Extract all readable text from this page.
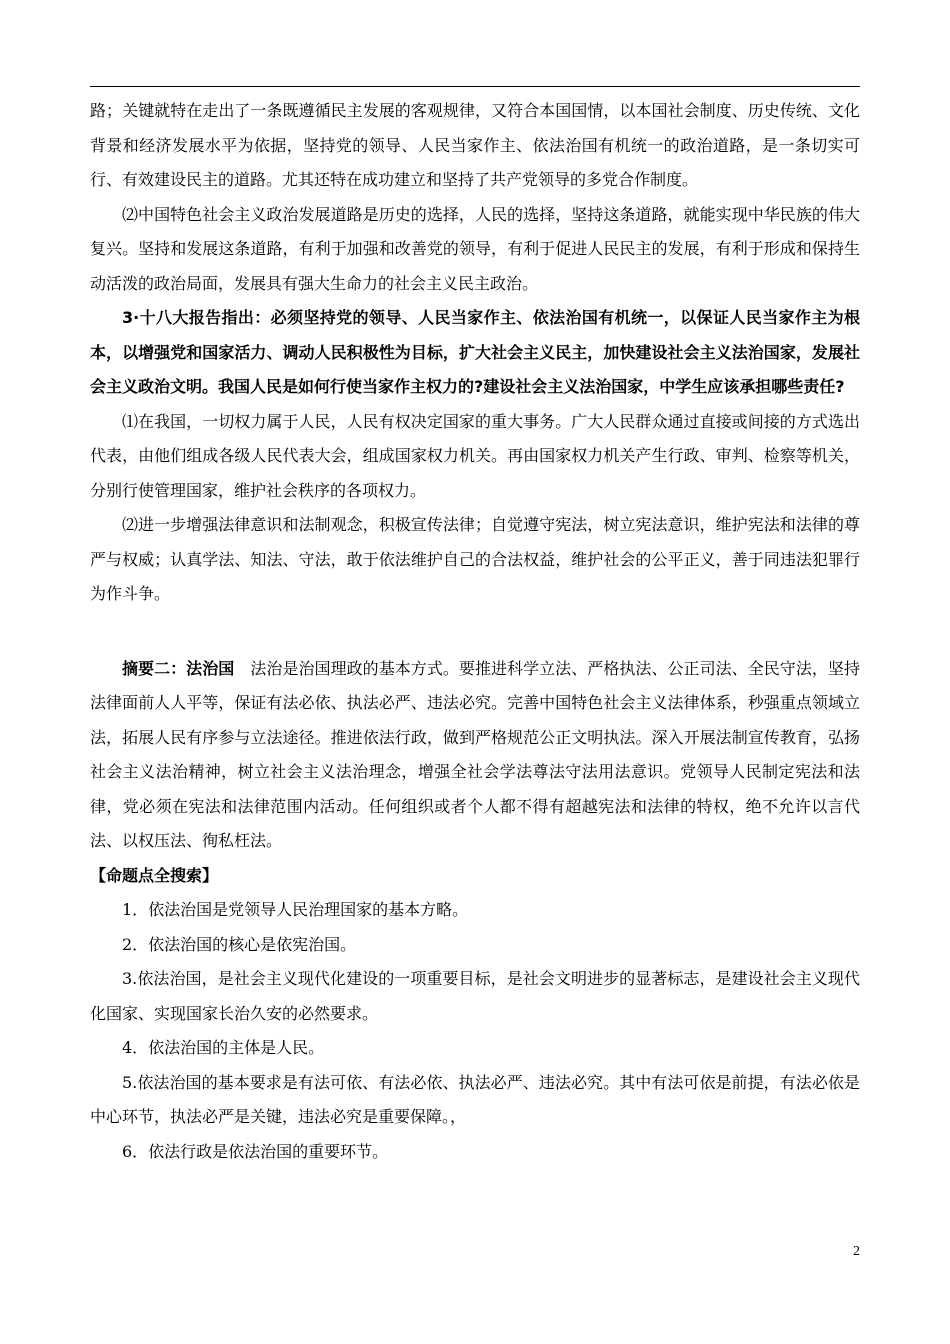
路；关键就特在走出了一条既遵循民主发展的客观规律，又符合本国国情，以本国社会制度、历史传统、文化背景和经济发展水平为依据，坚持党的领导、人民当家作主、依法治国有机统一的政治道路，是一条切实可行、有效建设民主的道路。尤其还特在成功建立和坚持了共产党领导的多党合作制度。

⑵中国特色社会主义政治发展道路是历史的选择，人民的选择，坚持这条道路，就能实现中华民族的伟大复兴。坚持和发展这条道路，有利于加强和改善党的领导，有利于促进人民民主的发展，有利于形成和保持生动活泼的政治局面，发展具有强大生命力的社会主义民主政治。

3·十八大报告指出：必须坚持党的领导、人民当家作主、依法治国有机统一，以保证人民当家作主为根本，以增强党和国家活力、调动人民积极性为目标，扩大社会主义民主，加快建设社会主义法治国家，发展社会主义政治文明。我国人民是如何行使当家作主权力的?建设社会主义法治国家，中学生应该承担哪些责任?

⑴在我国，一切权力属于人民，人民有权决定国家的重大事务。广大人民群众通过直接或间接的方式选出代表，由他们组成各级人民代表大会，组成国家权力机关。再由国家权力机关产生行政、审判、检察等机关，分别行使管理国家，维护社会秩序的各项权力。

⑵进一步增强法律意识和法制观念，积极宣传法律；自觉遵守宪法，树立宪法意识，维护宪法和法律的尊严与权威；认真学法、知法、守法，敢于依法维护自己的合法权益，维护社会的公平正义，善于同违法犯罪行为作斗争。

摘要二：法治国　 法治是治国理政的基本方式。要推进科学立法、严格执法、公正司法、全民守法，坚持法律面前人人平等，保证有法必依、执法必严、违法必究。完善中国特色社会主义法律体系，秒强重点领域立法，拓展人民有序参与立法途径。推进依法行政，做到严格规范公正文明执法。深入开展法制宣传教育，弘扬社会主义法治精神，树立社会主义法治理念，增强全社会学法尊法守法用法意识。党领导人民制定宪法和法律，党必须在宪法和法律范围内活动。任何组织或者个人都不得有超越宪法和法律的特权，绝不允许以言代法、以权压法、徇私枉法。

【命题点全搜索】

1．依法治国是党领导人民治理国家的基本方略。

2．依法治国的核心是依宪治国。

3.依法治国，是社会主义现代化建设的一项重要目标，是社会文明进步的显著标志，是建设社会主义现代化国家、实现国家长治久安的必然要求。

4．依法治国的主体是人民。

5.依法治国的基本要求是有法可依、有法必依、执法必严、违法必究。其中有法可依是前提，有法必依是中心环节，执法必严是关键，违法必究是重要保障。，

6．依法行政是依法治国的重要环节。

2
